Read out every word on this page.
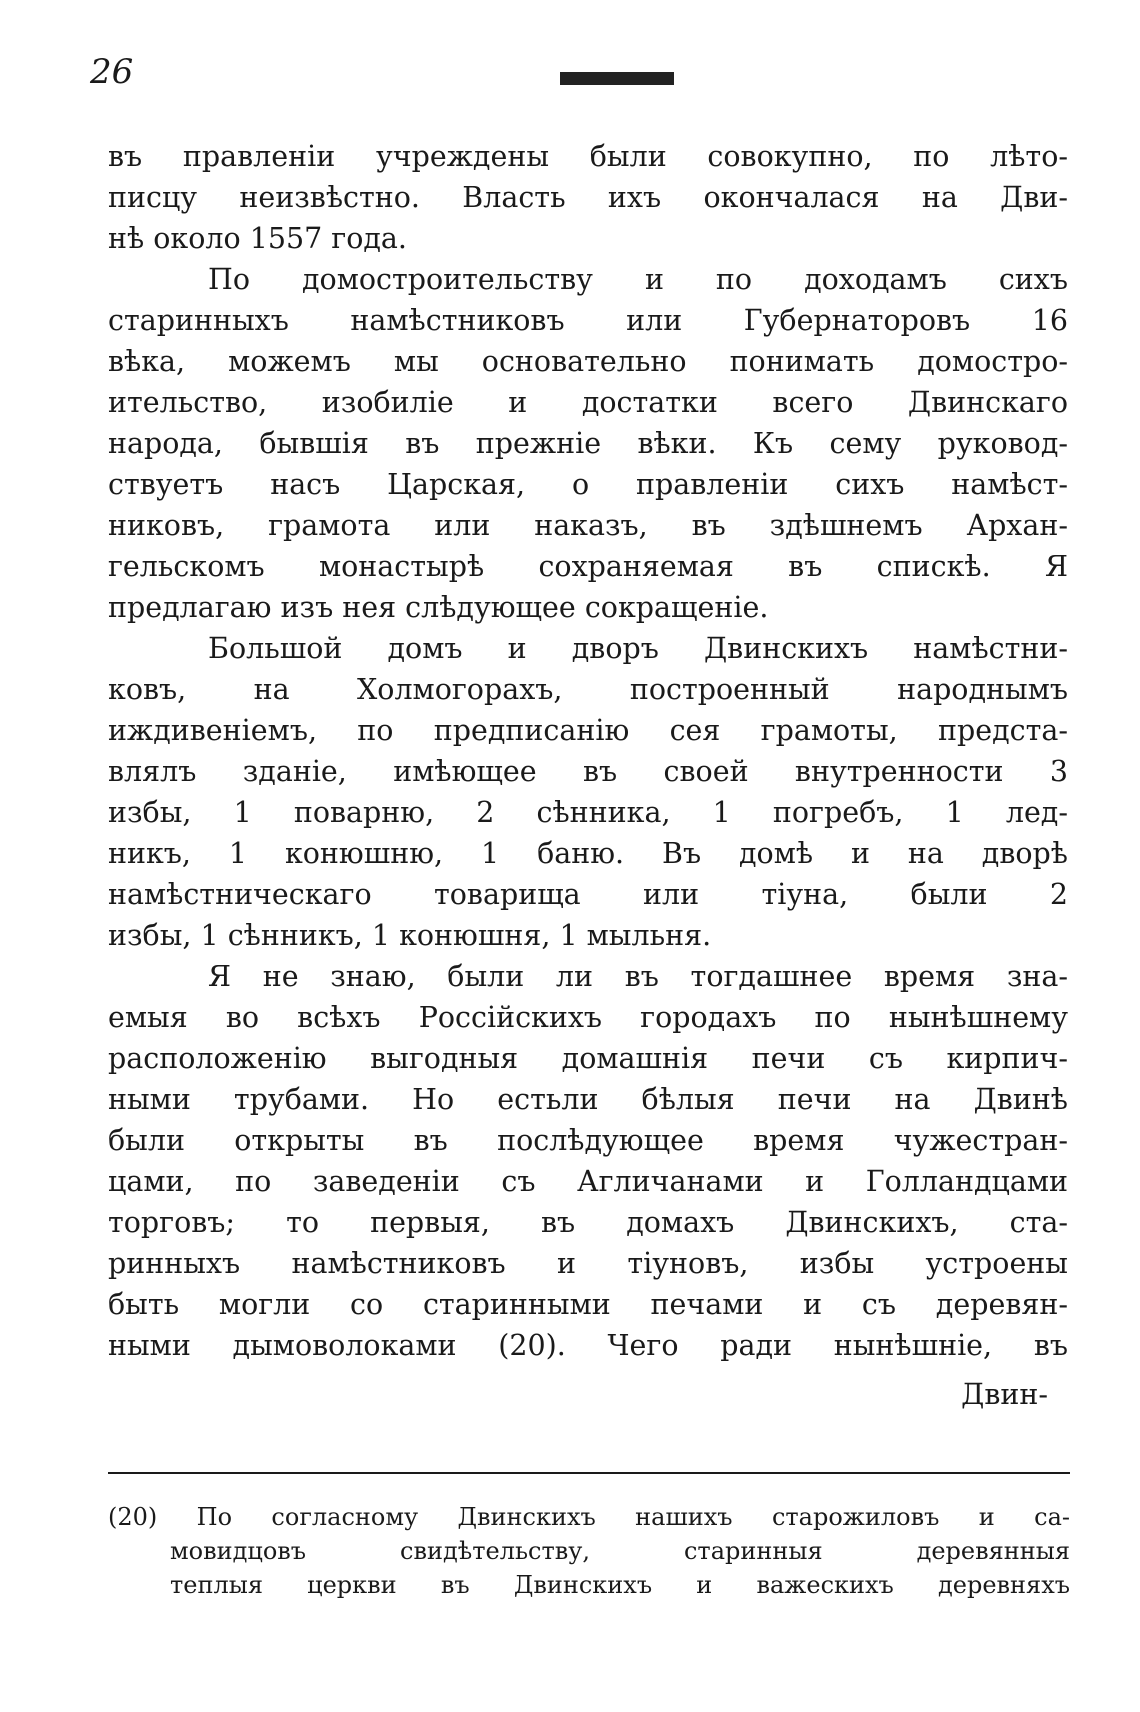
26
въ правленіи учреждены были совокупно, по лѣто-
писцу неизвѣстно. Власть ихъ окончалася на Дви-
нѣ около 1557 года.
По домостроительству и по доходамъ сихъ
старинныхъ намѣстниковъ или Губернаторовъ 16
вѣка, можемъ мы основательно понимать домостро-
ительство, изобиліе и достатки всего Двинскаго
народа, бывшія въ прежніе вѣки. Къ сему руковод-
ствуетъ насъ Царская, о правленіи сихъ намѣст-
никовъ, грамота или наказъ, въ здѣшнемъ Архан-
гельскомъ монастырѣ сохраняемая въ спискѣ. Я
предлагаю изъ нея слѣдующее сокращеніе.
Большой домъ и дворъ Двинскихъ намѣстни-
ковъ, на Холмогорахъ, построенный народнымъ
иждивеніемъ, по предписанію сея грамоты, предста-
влялъ зданіе, имѣющее въ своей внутренности 3
избы, 1 поварню, 2 сѣнника, 1 погребъ, 1 лед-
никъ, 1 конюшню, 1 баню. Въ домѣ и на дворѣ
намѣстническаго товарища или тіуна, были 2
избы, 1 сѣнникъ, 1 конюшня, 1 мыльня.
Я не знаю, были ли въ тогдашнее время зна-
емыя во всѣхъ Россійскихъ городахъ по нынѣшнему
расположенію выгодныя домашнія печи съ кирпич-
ными трубами. Но естьли бѣлыя печи на Двинѣ
были открыты въ послѣдующее время чужестран-
цами, по заведеніи съ Агличанами и Голландцами
торговъ; то первыя, въ домахъ Двинскихъ, ста-
ринныхъ намѣстниковъ и тіуновъ, избы устроены
быть могли со старинными печами и съ деревян-
ными дымоволоками (20). Чего ради нынѣшніе, въ
Двин-
(20) По согласному Двинскихъ нашихъ старожиловъ и са-
мовидцовъ свидѣтельству, старинныя деревянныя
теплыя церкви въ Двинскихъ и важескихъ деревняхъ
